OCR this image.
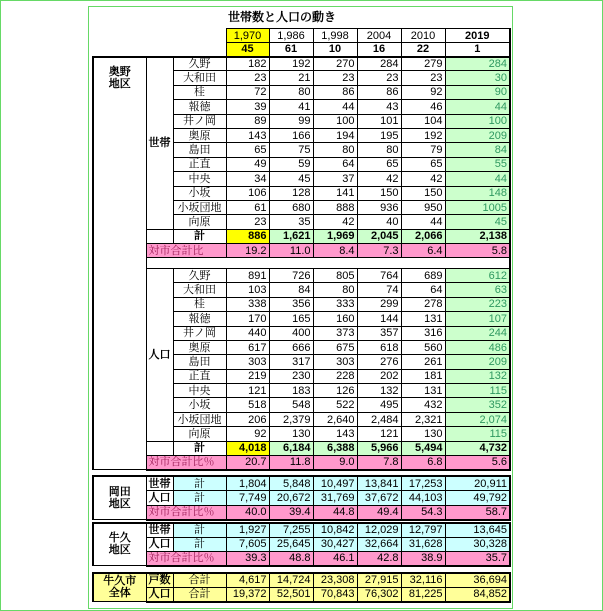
世帯数と人口の動き
			1,970	1,986	1,998	2004	2010	2019
			45	61	10	16	22	1

奥野
地区	世帯	久野	182	192	270	284	279	284
		大和田	23	21	23	23	23	30
		桂	72	80	86	86	92	90
		報徳	39	41	44	43	46	44
		井ノ岡	89	99	100	101	104	100
		奥原	143	166	194	195	192	209
		島田	65	75	80	80	79	84
		正直	49	59	64	65	65	55
		中央	34	45	37	42	42	44
		小坂	106	128	141	150	150	148
		小坂団地	61	680	888	936	950	1005
		向原	23	35	42	40	44	45
		計	886	1,621	1,969	2,045	2,066	2,138
	対市合計比		19.2	11.0	8.4	7.3	6.4	5.8

	人口	久野	891	726	805	764	689	612
		大和田	103	84	80	74	64	63
		桂	338	356	333	299	278	223
		報徳	170	165	160	144	131	107
		井ノ岡	440	400	373	357	316	244
		奥原	617	666	675	618	560	486
		島田	303	317	303	276	261	209
		正直	219	230	228	202	181	132
		中央	121	183	126	132	131	115
		小坂	518	548	522	495	432	352
		小坂団地	206	2,379	2,640	2,484	2,321	2,074
		向原	92	130	143	121	130	115
		計	4,018	6,184	6,388	5,966	5,494	4,732
	対市合計比％		20.7	11.8	9.0	7.8	6.8	5.6

岡田
地区	世帯	計	1,804	5,848	10,497	13,841	17,253	20,911
	人口	計	7,749	20,672	31,769	37,672	44,103	49,792
	対市合計比％		40.0	39.4	44.8	49.4	54.3	58.7

牛久
地区	世帯	計	1,927	7,255	10,842	12,029	12,797	13,645
	人口	計	7,605	25,645	30,427	32,664	31,628	30,328
	対市合計比％		39.3	48.8	46.1	42.8	38.9	35.7

牛久市
全体	戸数	合計	4,617	14,724	23,308	27,915	32,116	36,694
	人口	合計	19,372	52,501	70,843	76,302	81,225	84,852
